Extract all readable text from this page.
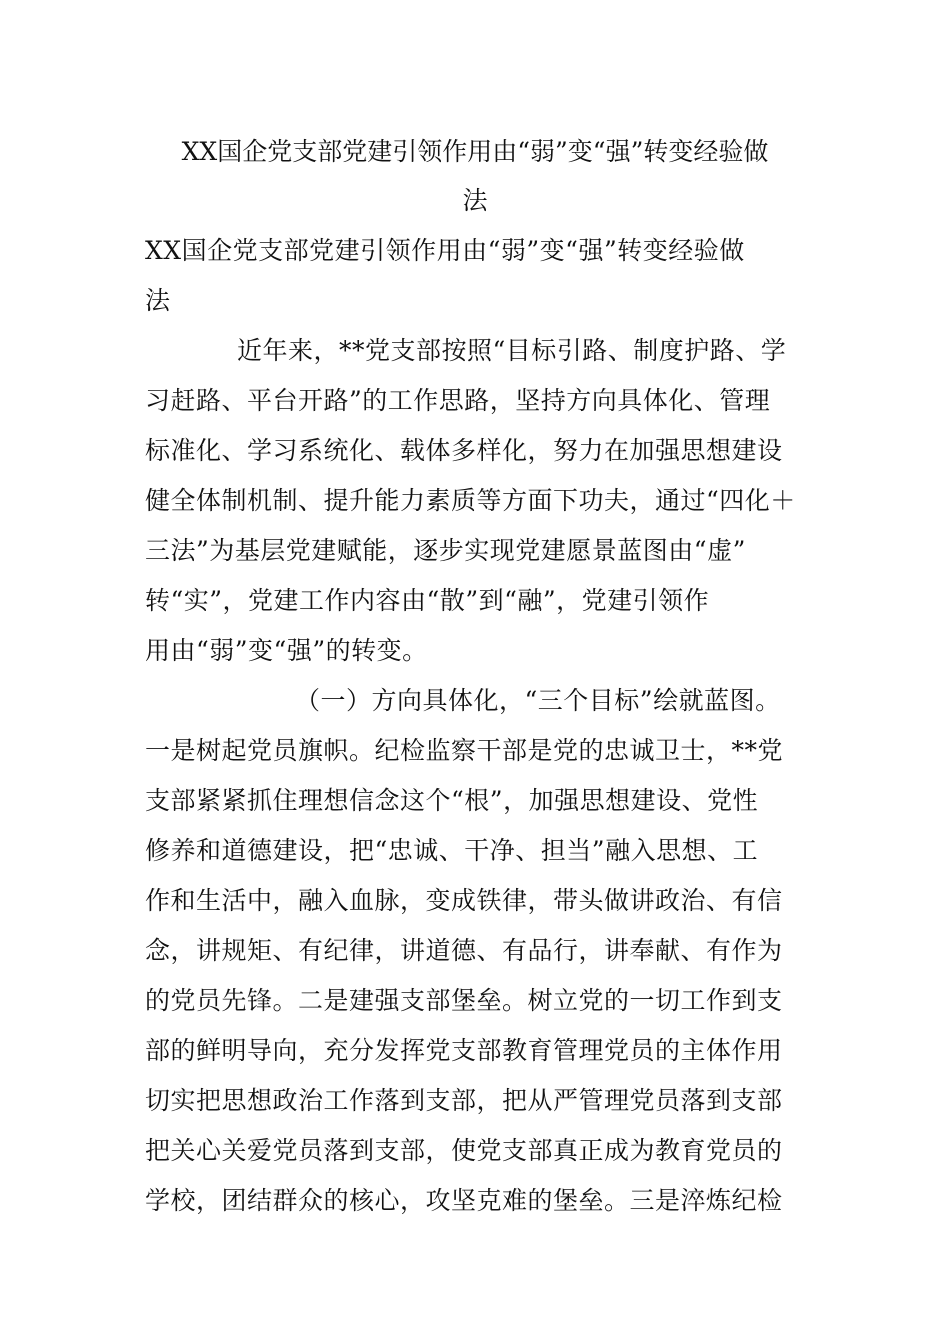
XX国企党支部党建引领作用由“弱”变“强”转变经验做
法
XX国企党支部党建引领作用由“弱”变“强”转变经验做
法
近年来，**党支部按照“目标引路、制度护路、学
习赶路、平台开路”的工作思路，坚持方向具体化、管理
标准化、学习系统化、载体多样化，努力在加强思想建设
健全体制机制、提升能力素质等方面下功夫，通过“四化＋
三法”为基层党建赋能，逐步实现党建愿景蓝图由“虚”
转“实”，党建工作内容由“散”到“融”，党建引领作
用由“弱”变“强”的转变。
（一）方向具体化，“三个目标”绘就蓝图。
一是树起党员旗帜。纪检监察干部是党的忠诚卫士，**党
支部紧紧抓住理想信念这个“根”，加强思想建设、党性
修养和道德建设，把“忠诚、干净、担当”融入思想、工
作和生活中，融入血脉，变成铁律，带头做讲政治、有信
念，讲规矩、有纪律，讲道德、有品行，讲奉献、有作为
的党员先锋。二是建强支部堡垒。树立党的一切工作到支
部的鲜明导向，充分发挥党支部教育管理党员的主体作用
切实把思想政治工作落到支部，把从严管理党员落到支部
把关心关爱党员落到支部，使党支部真正成为教育党员的
学校，团结群众的核心，攻坚克难的堡垒。三是淬炼纪检
